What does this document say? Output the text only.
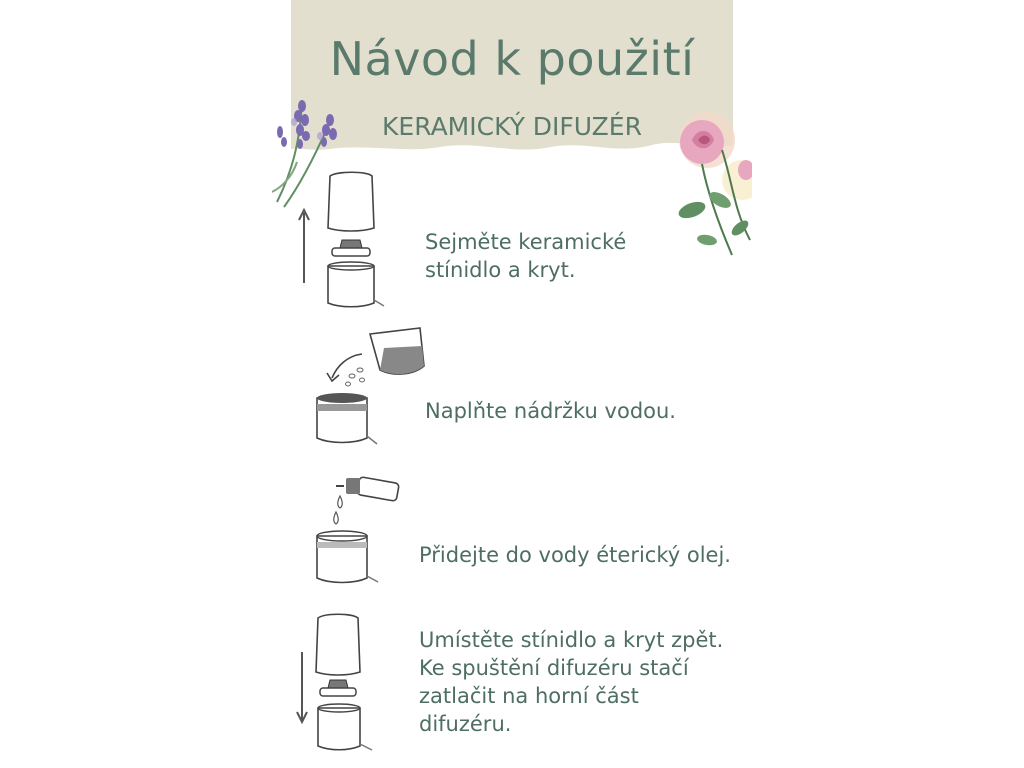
Návod k použití
KERAMICKÝ DIFUZÉR
Sejměte keramické
stínidlo a kryt.
Naplňte nádržku vodou.
Přidejte do vody éterický olej.
Umístěte stínidlo a kryt zpět.
Ke spuštění difuzéru stačí
zatlačit na horní část
difuzéru.
